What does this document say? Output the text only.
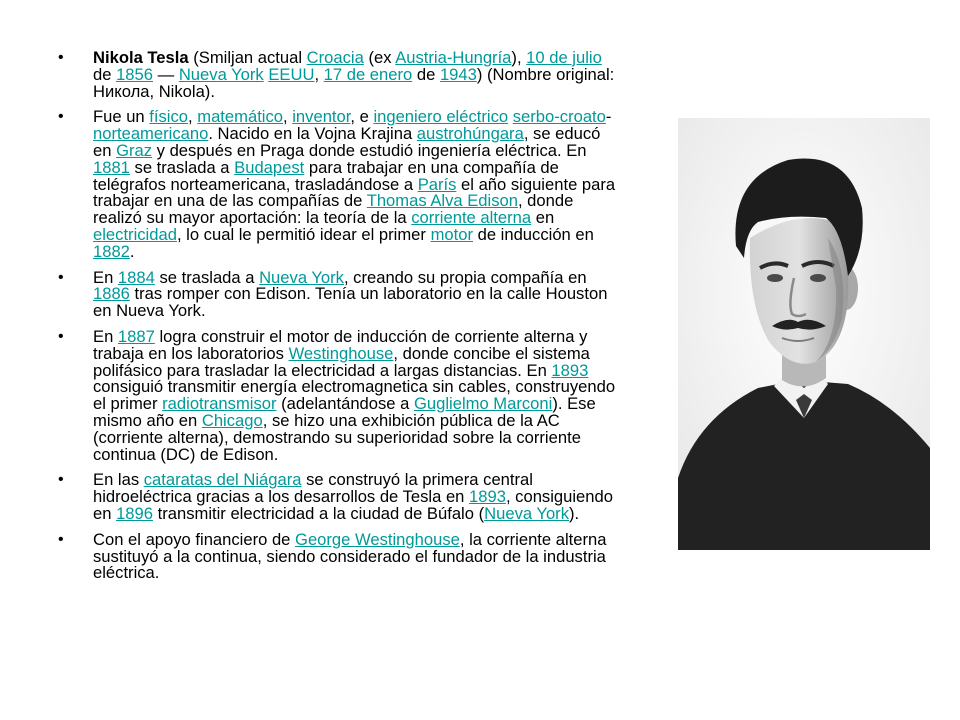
• Nikola Tesla (Smiljan actual Croacia (ex Austria-Hungría), 10 de julio de 1856 — Nueva York EEUU, 17 de enero de 1943) (Nombre original: Никола, Nikola).
• Fue un físico, matemático, inventor, e ingeniero eléctrico serbo-croato-norteamericano. Nacido en la Vojna Krajina austrohúngara, se educó en Graz y después en Praga donde estudió ingeniería eléctrica. En 1881 se traslada a Budapest para trabajar en una compañía de telégrafos norteamericana, trasladándose a París el año siguiente para trabajar en una de las compañías de Thomas Alva Edison, donde realizó su mayor aportación: la teoría de la corriente alterna en electricidad, lo cual le permitió idear el primer motor de inducción en 1882.
• En 1884 se traslada a Nueva York, creando su propia compañía en 1886 tras romper con Edison. Tenía un laboratorio en la calle Houston en Nueva York.
• En 1887 logra construir el motor de inducción de corriente alterna y trabaja en los laboratorios Westinghouse, donde concibe el sistema polifásico para trasladar la electricidad a largas distancias. En 1893 consiguió transmitir energía electromagnetica sin cables, construyendo el primer radiotransmisor (adelantándose a Guglielmo Marconi). Ese mismo año en Chicago, se hizo una exhibición pública de la AC (corriente alterna), demostrando su superioridad sobre la corriente continua (DC) de Edison.
• En las cataratas del Niágara se construyó la primera central hidroeléctrica gracias a los desarrollos de Tesla en 1893, consiguiendo en 1896 transmitir electricidad a la ciudad de Búfalo (Nueva York).
• Con el apoyo financiero de George Westinghouse, la corriente alterna sustituyó a la continua, siendo considerado el fundador de la industria eléctrica.
